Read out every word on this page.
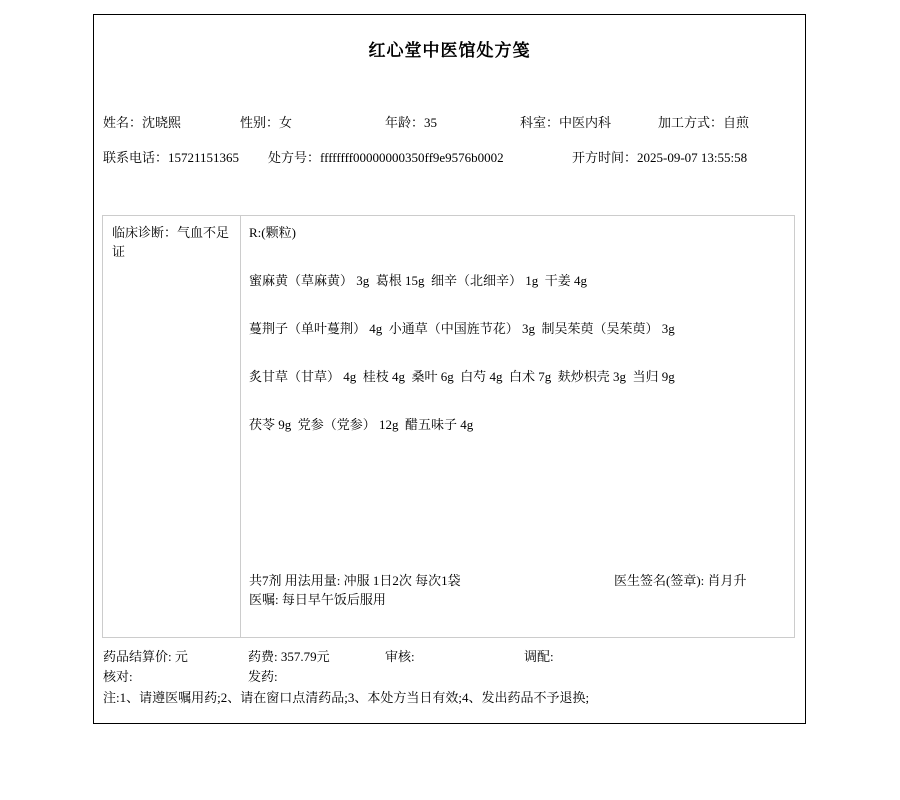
红心堂中医馆处方笺
姓名：沈晓熙	性别：女	年龄：35	科室：中医内科	加工方式：自煎
联系电话：15721151365 处方号：ffffffff00000000350ff9e9576b0002	开方时间：2025-09-07 13:55:58
临床诊断：气血不足证
R:(颗粒)
蜜麻黄（草麻黄） 3g  葛根 15g  细辛（北细辛） 1g  干姜 4g
蔓荆子（单叶蔓荆） 4g  小通草（中国旌节花） 3g  制吴茱萸（吴茱萸） 3g
炙甘草（甘草） 4g  桂枝 4g  桑叶 6g  白芍 4g  白术 7g  麸炒枳壳 3g  当归 9g
茯苓 9g  党参（党参） 12g  醋五味子 4g
共7剂 用法用量: 冲服 1日2次 每次1袋	医生签名(签章): 肖月升
医嘱: 每日早午饭后服用
药品结算价: 元	药费: 357.79元	审核:	调配:
核对:	发药:
注:1、请遵医嘱用药;2、请在窗口点清药品;3、本处方当日有效;4、发出药品不予退换;
